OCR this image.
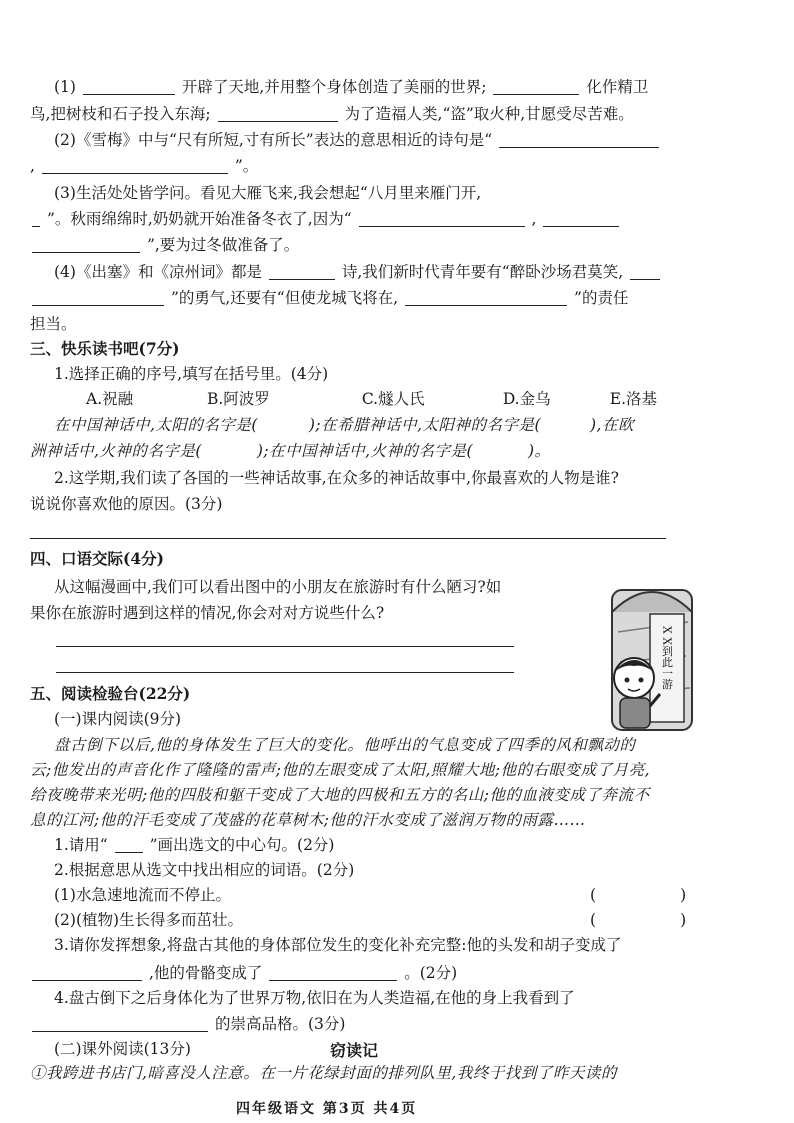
(1)	开辟了天地,并用整个身体创造了美丽的世界;	化作精卫
鸟,把树枝和石子投入东海;	为了造福人类,“盗”取火种,甘愿受尽苦难。
(2)《雪梅》中与“尺有所短,寸有所长”表达的意思相近的诗句是“
,	”。
(3)生活处处皆学问。看见大雁飞来,我会想起“八月里来雁门开,
”。秋雨绵绵时,奶奶就开始准备冬衣了,因为“	,
”,要为过冬做准备了。
(4)《出塞》和《凉州词》都是	诗,我们新时代青年要有“醉卧沙场君莫笑,
”的勇气,还要有“但使龙城飞将在,	”的责任
担当。
三、快乐读书吧(7分)
1.选择正确的序号,填写在括号里。(4分)
A.祝融	B.阿波罗	C.燧人氏	D.金乌	E.洛基
在中国神话中,太阳的名字是(	);在希腊神话中,太阳神的名字是(	),在欧
洲神话中,火神的名字是(	);在中国神话中,火神的名字是(	)。
2.这学期,我们读了各国的一些神话故事,在众多的神话故事中,你最喜欢的人物是谁?
说说你喜欢他的原因。(3分)
四、口语交际(4分)
从这幅漫画中,我们可以看出图中的小朋友在旅游时有什么陋习?如
果你在旅游时遇到这样的情况,你会对对方说些什么?
X X到此一游
五、阅读检验台(22分)
(一)课内阅读(9分)
盘古倒下以后,他的身体发生了巨大的变化。他呼出的气息变成了四季的风和飘动的
云;他发出的声音化作了隆隆的雷声;他的左眼变成了太阳,照耀大地;他的右眼变成了月亮,
给夜晚带来光明;他的四肢和躯干变成了大地的四极和五方的名山;他的血液变成了奔流不
息的江河;他的汗毛变成了茂盛的花草树木;他的汗水变成了滋润万物的雨露……
1.请用“	”画出选文的中心句。(2分)
2.根据意思从选文中找出相应的词语。(2分)
(1)水急速地流而不停止。	(	)
(2)(植物)生长得多而茁壮。	(	)
3.请你发挥想象,将盘古其他的身体部位发生的变化补充完整:他的头发和胡子变成了
,他的骨骼变成了	。(2分)
4.盘古倒下之后身体化为了世界万物,依旧在为人类造福,在他的身上我看到了
的崇高品格。(3分)
(二)课外阅读(13分)	窃读记
①我跨进书店门,暗喜没人注意。在一片花绿封面的排列队里,我终于找到了昨天读的
四年级语文 第3页 共4页
